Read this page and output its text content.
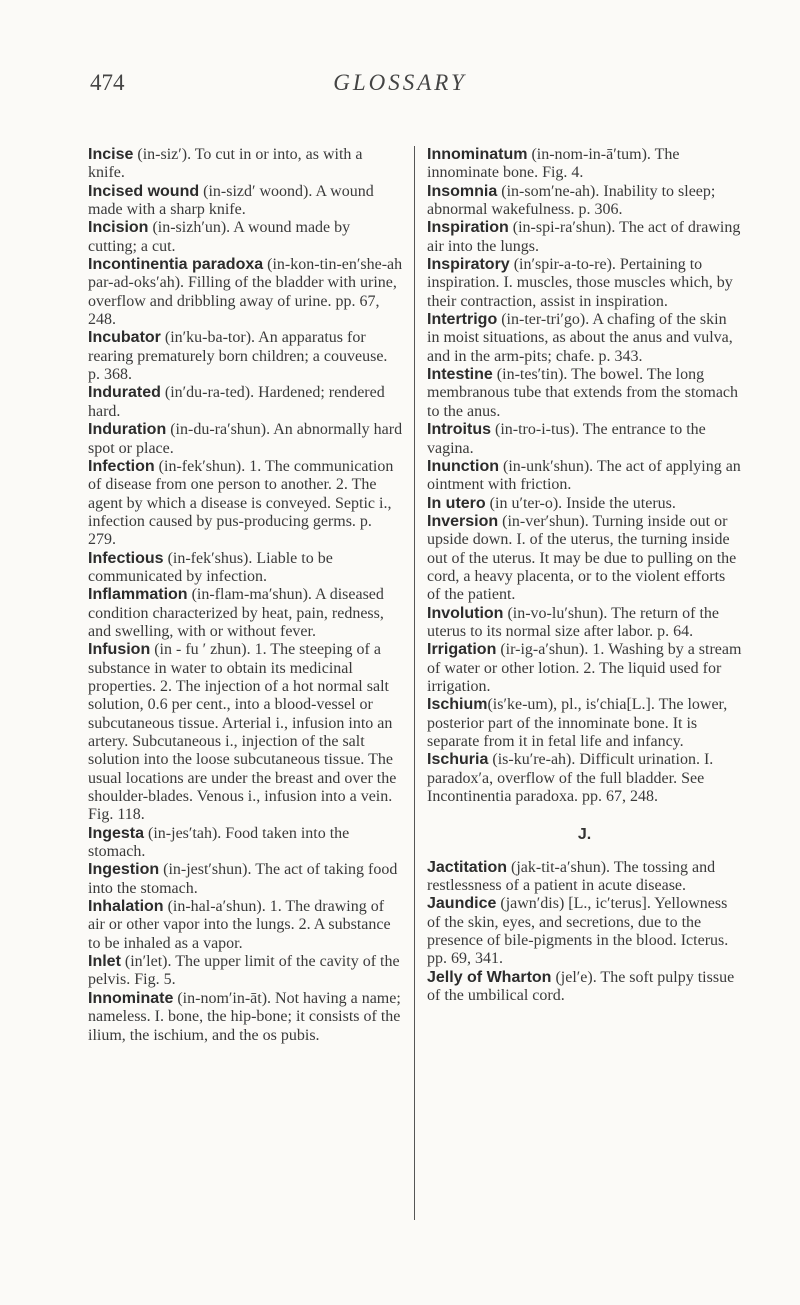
474	GLOSSARY
Incise (in-siz′). To cut in or into, as with a knife.
Incised wound (in-sizd′ woond). A wound made with a sharp knife.
Incision (in-sizh′un). A wound made by cutting; a cut.
Incontinentia paradoxa (in-kon-tin-en′she-ah par-ad-oks′ah). Filling of the bladder with urine, overflow and dribbling away of urine. pp. 67, 248.
Incubator (in′ku-ba-tor). An apparatus for rearing prematurely born children; a couveuse. p. 368.
Indurated (in′du-ra-ted). Hardened; rendered hard.
Induration (in-du-ra′shun). An abnormally hard spot or place.
Infection (in-fek′shun). 1. The communication of disease from one person to another. 2. The agent by which a disease is conveyed. Septic i., infection caused by pus-producing germs. p. 279.
Infectious (in-fek′shus). Liable to be communicated by infection.
Inflammation (in-flam-ma′shun). A diseased condition characterized by heat, pain, redness, and swelling, with or without fever.
Infusion (in - fu ′ zhun). 1. The steeping of a substance in water to obtain its medicinal properties. 2. The injection of a hot normal salt solution, 0.6 per cent., into a blood-vessel or subcutaneous tissue. Arterial i., infusion into an artery. Subcutaneous i., injection of the salt solution into the loose subcutaneous tissue. The usual locations are under the breast and over the shoulder-blades. Venous i., infusion into a vein. Fig. 118.
Ingesta (in-jes′tah). Food taken into the stomach.
Ingestion (in-jest′shun). The act of taking food into the stomach.
Inhalation (in-hal-a′shun). 1. The drawing of air or other vapor into the lungs. 2. A substance to be inhaled as a vapor.
Inlet (in′let). The upper limit of the cavity of the pelvis. Fig. 5.
Innominate (in-nom′in-āt). Not having a name; nameless. I. bone, the hip-bone; it consists of the ilium, the ischium, and the os pubis.
Innominatum (in-nom-in-ā′tum). The innominate bone. Fig. 4.
Insomnia (in-som′ne-ah). Inability to sleep; abnormal wakefulness. p. 306.
Inspiration (in-spi-ra′shun). The act of drawing air into the lungs.
Inspiratory (in′spir-a-to-re). Pertaining to inspiration. I. muscles, those muscles which, by their contraction, assist in inspiration.
Intertrigo (in-ter-tri′go). A chafing of the skin in moist situations, as about the anus and vulva, and in the arm-pits; chafe. p. 343.
Intestine (in-tes′tin). The bowel. The long membranous tube that extends from the stomach to the anus.
Introitus (in-tro-i-tus). The entrance to the vagina.
Inunction (in-unk′shun). The act of applying an ointment with friction.
In utero (in u′ter-o). Inside the uterus.
Inversion (in-ver′shun). Turning inside out or upside down. I. of the uterus, the turning inside out of the uterus. It may be due to pulling on the cord, a heavy placenta, or to the violent efforts of the patient.
Involution (in-vo-lu′shun). The return of the uterus to its normal size after labor. p. 64.
Irrigation (ir-ig-a′shun). 1. Washing by a stream of water or other lotion. 2. The liquid used for irrigation.
Ischium(is′ke-um), pl., is′chia[L.]. The lower, posterior part of the innominate bone. It is separate from it in fetal life and infancy.
Ischuria (is-ku′re-ah). Difficult urination. I. paradox′a, overflow of the full bladder. See Incontinentia paradoxa. pp. 67, 248.
J.
Jactitation (jak-tit-a′shun). The tossing and restlessness of a patient in acute disease.
Jaundice (jawn′dis) [L., ic′terus]. Yellowness of the skin, eyes, and secretions, due to the presence of bile-pigments in the blood. Icterus. pp. 69, 341.
Jelly of Wharton (jel′e). The soft pulpy tissue of the umbilical cord.
